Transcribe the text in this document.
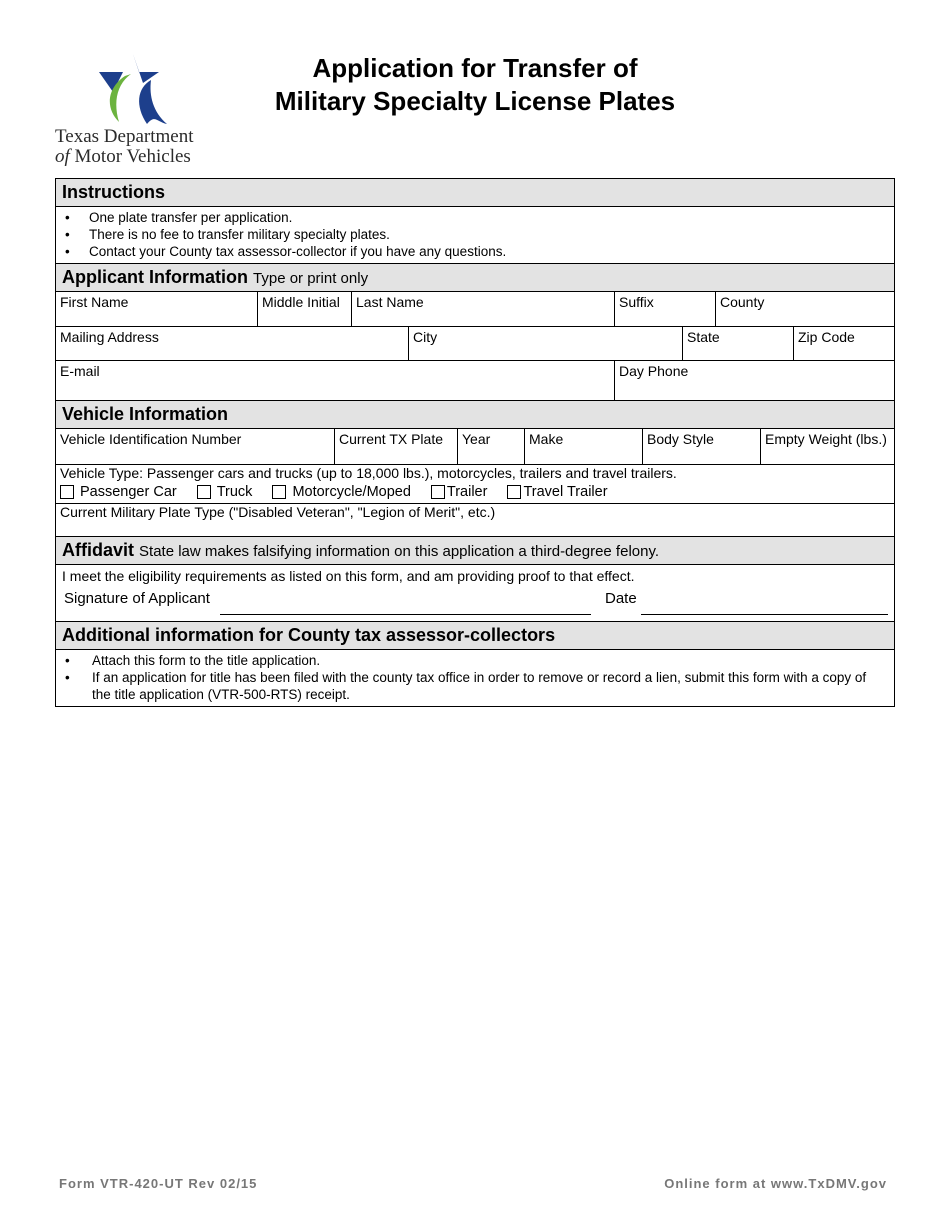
Texas Department
of Motor Vehicles
Application for Transfer of
Military Specialty License Plates
Instructions
• One plate transfer per application.
• There is no fee to transfer military specialty plates.
• Contact your County tax assessor-collector if you have any questions.
Applicant Information Type or print only
First Name	Middle Initial	Last Name	Suffix	County
Mailing Address	City	State	Zip Code
E-mail	Day Phone
Vehicle Information
Vehicle Identification Number	Current TX Plate	Year	Make	Body Style	Empty Weight (lbs.)
Vehicle Type: Passenger cars and trucks (up to 18,000 lbs.), motorcycles, trailers and travel trailers.
Passenger Car	Truck	Motorcycle/Moped Trailer Travel Trailer
Current Military Plate Type ("Disabled Veteran", "Legion of Merit", etc.)
Affidavit State law makes falsifying information on this application a third-degree felony.
I meet the eligibility requirements as listed on this form, and am providing proof to that effect.
Signature of Applicant	Date
Additional information for County tax assessor-collectors
• Attach this form to the title application.
• If an application for title has been filed with the county tax office in order to remove or record a lien, submit this form with a copy of the title application (VTR-500-RTS) receipt.
Form VTR-420-UT Rev 02/15	Online form at www.TxDMV.gov
